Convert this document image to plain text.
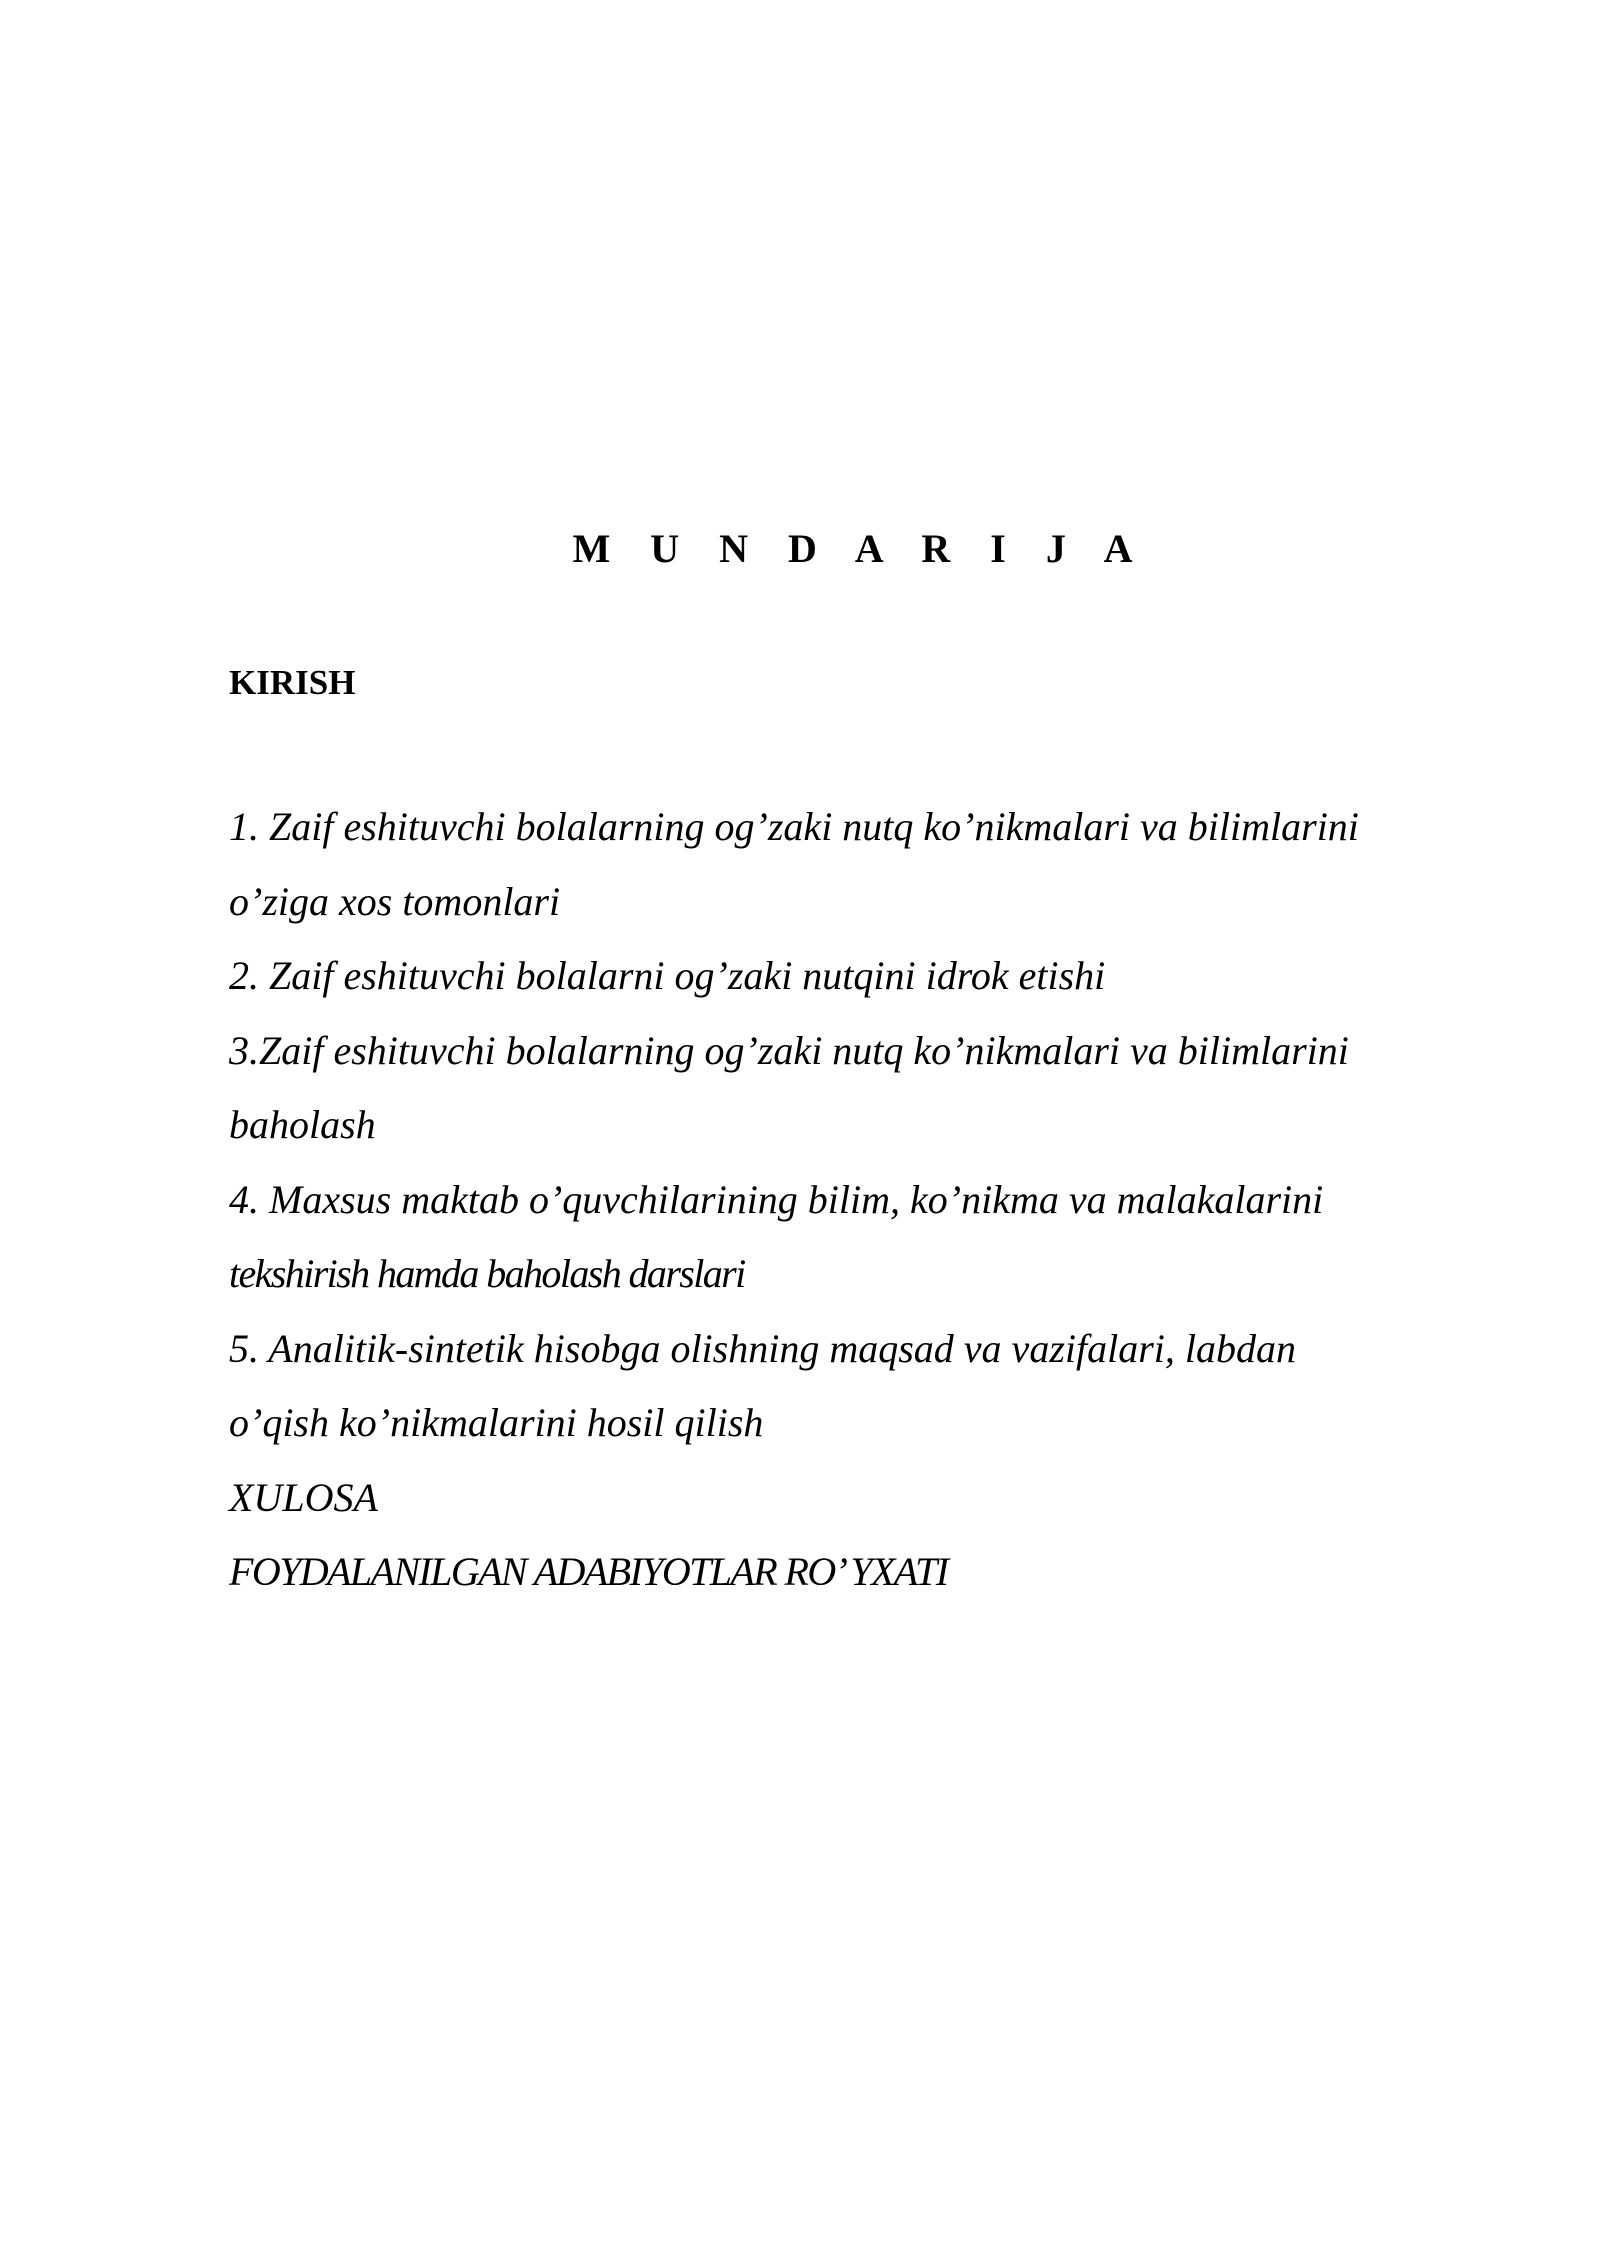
M U N D A R I J A
KIRISH
1. Zaif eshituvchi bolalarning og’zaki nutq ko’nikmalari va bilimlarini
o’ziga xos tomonlari
2. Zaif eshituvchi bolalarni og’zaki nutqini idrok etishi
3.Zaif eshituvchi bolalarning og’zaki nutq ko’nikmalari va bilimlarini
baholash
4. Maxsus maktab o’quvchilarining bilim, ko’nikma va malakalarini
tekshirish hamda baholash darslari
5. Analitik-sintetik hisobga olishning maqsad va vazifalari, labdan
o’qish ko’nikmalarini hosil qilish
XULOSA
FOYDALANILGAN ADABIYOTLAR RO’ YXATI
